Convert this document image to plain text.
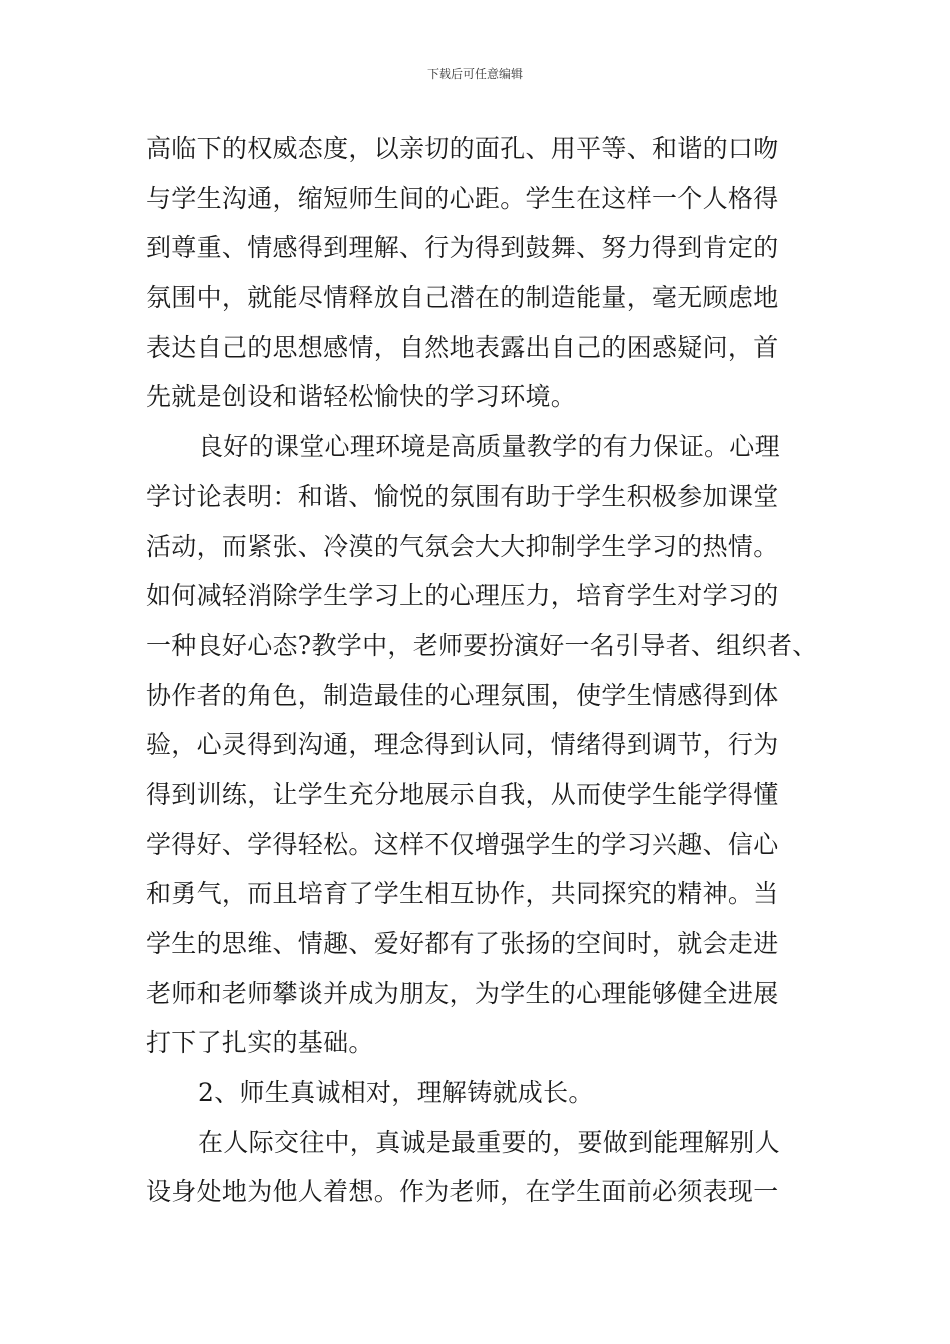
下载后可任意编辑
高临下的权威态度，以亲切的面孔、用平等、和谐的口吻
与学生沟通，缩短师生间的心距。学生在这样一个人格得
到尊重、情感得到理解、行为得到鼓舞、努力得到肯定的
氛围中，就能尽情释放自己潜在的制造能量，毫无顾虑地
表达自己的思想感情，自然地表露出自己的困惑疑问，首
先就是创设和谐轻松愉快的学习环境。
良好的课堂心理环境是高质量教学的有力保证。心理
学讨论表明：和谐、愉悦的氛围有助于学生积极参加课堂
活动，而紧张、冷漠的气氛会大大抑制学生学习的热情。
如何减轻消除学生学习上的心理压力，培育学生对学习的
一种良好心态?教学中，老师要扮演好一名引导者、组织者、
协作者的角色，制造最佳的心理氛围，使学生情感得到体
验，心灵得到沟通，理念得到认同，情绪得到调节，行为
得到训练，让学生充分地展示自我，从而使学生能学得懂
学得好、学得轻松。这样不仅增强学生的学习兴趣、信心
和勇气，而且培育了学生相互协作，共同探究的精神。当
学生的思维、情趣、爱好都有了张扬的空间时，就会走进
老师和老师攀谈并成为朋友，为学生的心理能够健全进展
打下了扎实的基础。
2、师生真诚相对，理解铸就成长。
在人际交往中，真诚是最重要的，要做到能理解别人
设身处地为他人着想。作为老师，在学生面前必须表现一
